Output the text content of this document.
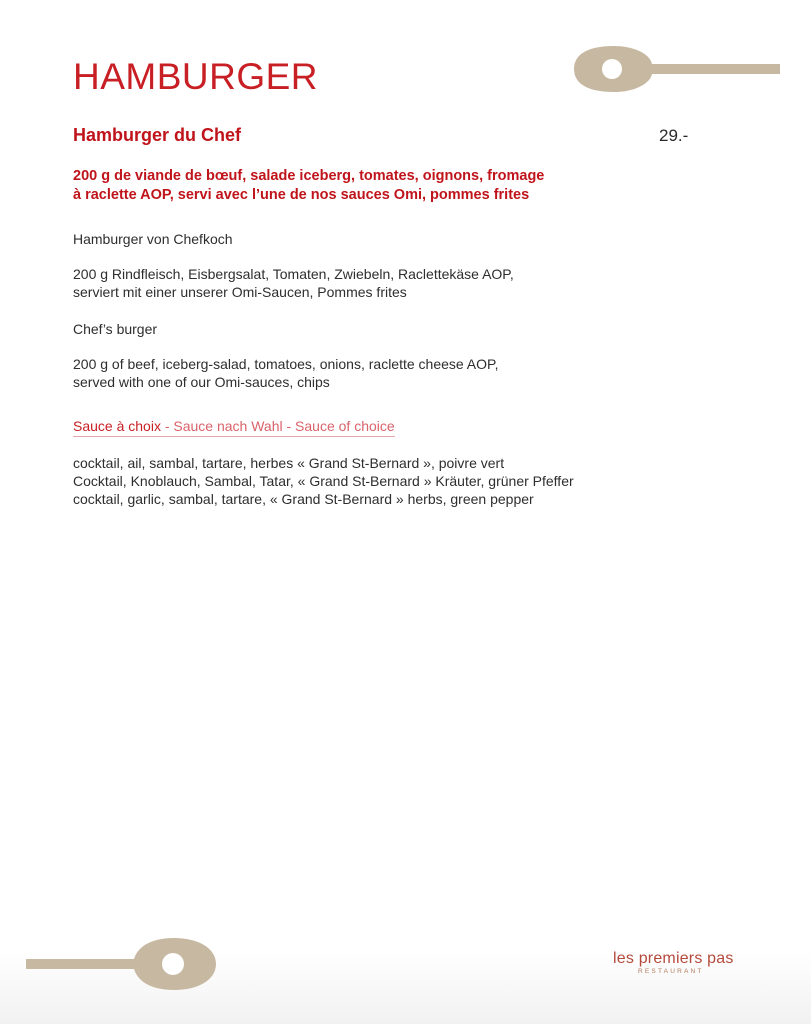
HAMBURGER
Hamburger du Chef	29.-
200 g de viande de bœuf, salade iceberg, tomates, oignons, fromage
à raclette AOP, servi avec l’une de nos sauces Omi, pommes frites
Hamburger von Chefkoch
200 g Rindfleisch, Eisbergsalat, Tomaten, Zwiebeln, Raclettekäse AOP,
serviert mit einer unserer Omi-Saucen, Pommes frites
Chef’s burger
200 g of beef, iceberg-salad, tomatoes, onions, raclette cheese AOP,
served with one of our Omi-sauces, chips
Sauce à choix - Sauce nach Wahl - Sauce of choice
cocktail, ail, sambal, tartare, herbes « Grand St-Bernard », poivre vert
Cocktail, Knoblauch, Sambal, Tatar, « Grand St-Bernard » Kräuter, grüner Pfeffer
cocktail, garlic, sambal, tartare, « Grand St-Bernard » herbs, green pepper
les premiers pas
RESTAURANT
